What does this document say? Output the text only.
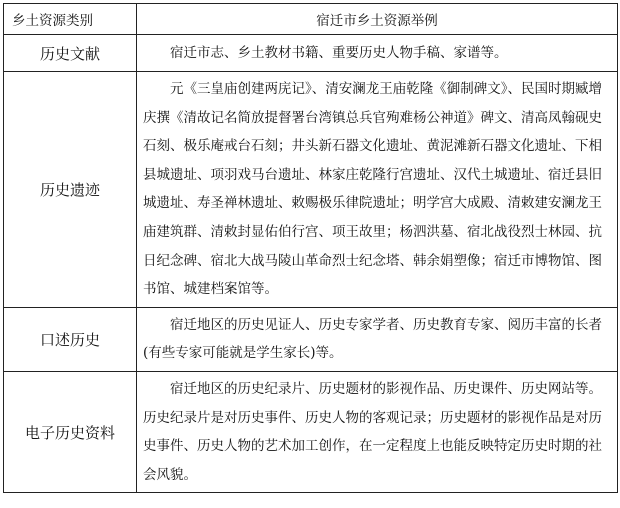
乡土资源类别	宿迁市乡土资源举例
历史文献	宿迁市志、乡土教材书籍、重要历史人物手稿、家谱等。

历史遗迹	元《三皇庙创建两庑记》、清安澜龙王庙乾隆《御制碑文》、民国时期臧增庆撰《清故记名简放提督署台湾镇总兵官殉难杨公神道》碑文、清高凤翰砚史石刻、极乐庵戒台石刻；井头新石器文化遗址、黄泥滩新石器文化遗址、下相县城遗址、项羽戏马台遗址、林家庄乾隆行宫遗址、汉代土城遗址、宿迁县旧城遗址、寿圣禅林遗址、敕赐极乐律院遗址；明学宫大成殿、清敕建安澜龙王庙建筑群、清敕封显佑伯行宫、项王故里；杨泗洪墓、宿北战役烈士林园、抗日纪念碑、宿北大战马陵山革命烈士纪念塔、韩余娟塑像；宿迁市博物馆、图书馆、城建档案馆等。

口述历史	宿迁地区的历史见证人、历史专家学者、历史教育专家、阅历丰富的长者(有些专家可能就是学生家长)等。

电子历史资料	宿迁地区的历史纪录片、历史题材的影视作品、历史课件、历史网站等。

历史纪录片是对历史事件、历史人物的客观记录；历史题材的影视作品是对历史事件、历史人物的艺术加工创作，在一定程度上也能反映特定历史时期的社会风貌。
